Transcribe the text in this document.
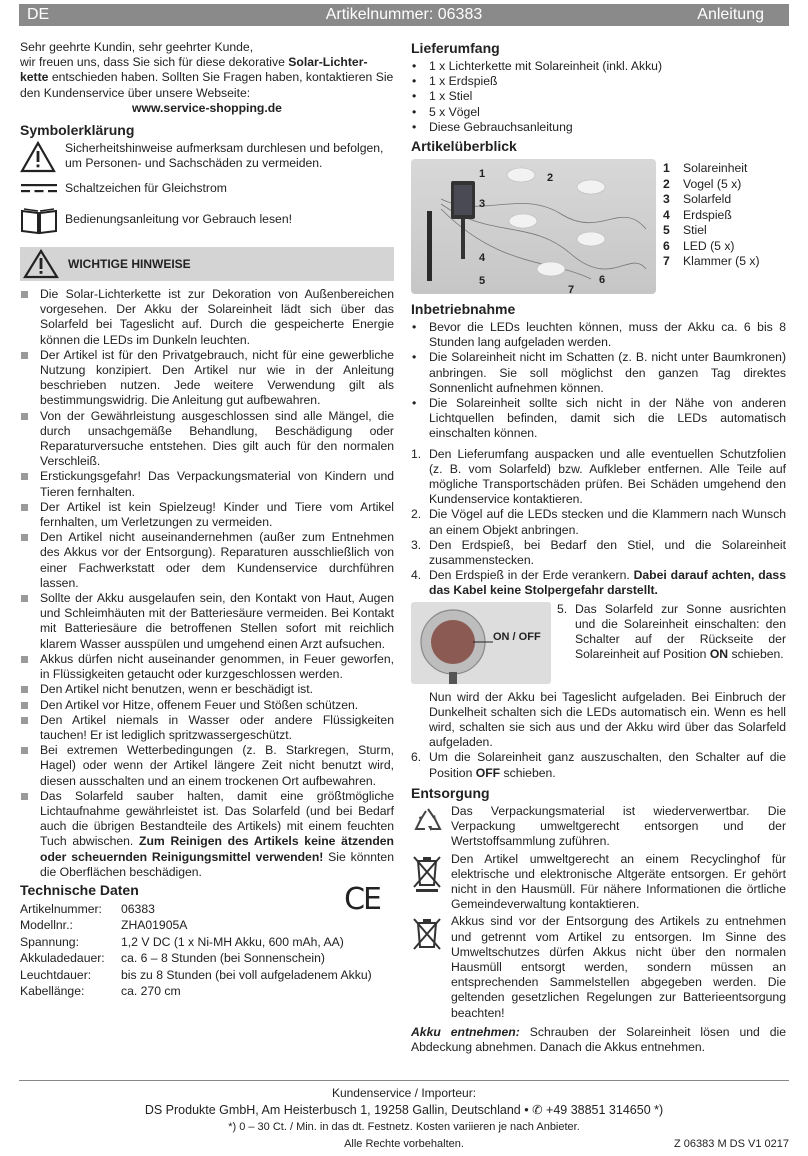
DE	Artikelnummer: 06383	Anleitung

Sehr geehrte Kundin, sehr geehrter Kunde,
wir freuen uns, dass Sie sich für diese dekorative Solar-Lichter-kette entschieden haben. Sollten Sie Fragen haben, kontaktieren Sie den Kundenservice über unsere Webseite:

www.service-shopping.de

Symbolerklärung
Sicherheitshinweise aufmerksam durchlesen und befolgen, um Personen- und Sachschäden zu vermeiden.
Schaltzeichen für Gleichstrom
Bedienungsanleitung vor Gebrauch lesen!
WICHTIGE HINWEISE
Die Solar-Lichterkette ist zur Dekoration von Außenbereichen vorgesehen. Der Akku der Solareinheit lädt sich über das Solarfeld bei Tageslicht auf. Durch die gespeicherte Energie können die LEDs im Dunkeln leuchten.
Der Artikel ist für den Privatgebrauch, nicht für eine gewerbliche Nutzung konzipiert. Den Artikel nur wie in der Anleitung beschrieben nutzen. Jede weitere Verwendung gilt als bestimmungswidrig. Die Anleitung gut aufbewahren.
Von der Gewährleistung ausgeschlossen sind alle Mängel, die durch unsachgemäße Behandlung, Beschädigung oder Reparaturversuche entstehen. Dies gilt auch für den normalen Verschleiß.
Erstickungsgefahr! Das Verpackungsmaterial von Kindern und Tieren fernhalten.
Der Artikel ist kein Spielzeug! Kinder und Tiere vom Artikel fernhalten, um Verletzungen zu vermeiden.
Den Artikel nicht auseinandernehmen (außer zum Entnehmen des Akkus vor der Entsorgung). Reparaturen ausschließlich von einer Fachwerkstatt oder dem Kundenservice durchführen lassen.
Sollte der Akku ausgelaufen sein, den Kontakt von Haut, Augen und Schleimhäuten mit der Batteriesäure vermeiden. Bei Kontakt mit Batteriesäure die betroffenen Stellen sofort mit reichlich klarem Wasser ausspülen und umgehend einen Arzt aufsuchen.
Akkus dürfen nicht auseinander genommen, in Feuer geworfen, in Flüssigkeiten getaucht oder kurzgeschlossen werden.
Den Artikel nicht benutzen, wenn er beschädigt ist.
Den Artikel vor Hitze, offenem Feuer und Stößen schützen.
Den Artikel niemals in Wasser oder andere Flüssigkeiten tauchen! Er ist lediglich spritzwassergeschützt.
Bei extremen Wetterbedingungen (z. B. Starkregen, Sturm, Hagel) oder wenn der Artikel längere Zeit nicht benutzt wird, diesen ausschalten und an einem trockenen Ort aufbewahren.
Das Solarfeld sauber halten, damit eine größtmögliche Lichtaufnahme gewährleistet ist. Das Solarfeld (und bei Bedarf auch die übrigen Bestandteile des Artikels) mit einem feuchten Tuch abwischen. Zum Reinigen des Artikels keine ätzenden oder scheuernden Reinigungsmittel verwenden! Sie könnten die Oberflächen beschädigen.
Technische Daten	CE
Artikelnummer:	06383
Modellnr.:	ZHA01905A
Spannung:	1,2 V DC (1 x Ni-MH Akku, 600 mAh, AA)
Akkuladedauer:	ca. 6 – 8 Stunden (bei Sonnenschein)
Leuchtdauer:	bis zu 8 Stunden (bei voll aufgeladenem Akku)
Kabellänge:	ca. 270 cm
Lieferumfang
• 1 x Lichterkette mit Solareinheit (inkl. Akku)
• 1 x Erdspieß
• 1 x Stiel
• 5 x Vögel
• Diese Gebrauchsanleitung
Artikelüberblick
1	2
3
4
5	6
7
1 Solareinheit
2 Vogel (5 x)
3 Solarfeld
4 Erdspieß
5 Stiel
6 LED (5 x)
7 Klammer (5 x)
Inbetriebnahme
• Bevor die LEDs leuchten können, muss der Akku ca. 6 bis 8 Stunden lang aufgeladen werden.
• Die Solareinheit nicht im Schatten (z. B. nicht unter Baumkronen) anbringen. Sie soll möglichst den ganzen Tag direktes Sonnenlicht aufnehmen können.
• Die Solareinheit sollte sich nicht in der Nähe von anderen Lichtquellen befinden, damit sich die LEDs automatisch einschalten können.
1. Den Lieferumfang auspacken und alle eventuellen Schutzfolien (z. B. vom Solarfeld) bzw. Aufkleber entfernen. Alle Teile auf mögliche Transportschäden prüfen. Bei Schäden umgehend den Kundenservice kontaktieren.
2. Die Vögel auf die LEDs stecken und die Klammern nach Wunsch an einem Objekt anbringen.
3. Den Erdspieß, bei Bedarf den Stiel, und die Solareinheit zusammenstecken.
4. Den Erdspieß in der Erde verankern. Dabei darauf achten, dass das Kabel keine Stolpergefahr darstellt.
ON / OFF
5. Das Solarfeld zur Sonne ausrichten und die Solareinheit einschalten: den Schalter auf der Rückseite der Solareinheit auf Position ON schieben.

Nun wird der Akku bei Tageslicht aufgeladen. Bei Einbruch der Dunkelheit schalten sich die LEDs automatisch ein. Wenn es hell wird, schalten sie sich aus und der Akku wird über das Solarfeld aufgeladen.

6. Um die Solareinheit ganz auszuschalten, den Schalter auf die Position OFF schieben.
Entsorgung

Das Verpackungsmaterial ist wiederverwertbar. Die Verpackung umweltgerecht entsorgen und der Wertstoffsammlung zuführen.

Den Artikel umweltgerecht an einem Recyclinghof für elektrische und elektronische Altgeräte entsorgen. Er gehört nicht in den Hausmüll. Für nähere Informationen die örtliche Gemeindeverwaltung kontaktieren.

Akkus sind vor der Entsorgung des Artikels zu entnehmen und getrennt vom Artikel zu entsorgen. Im Sinne des Umweltschutzes dürfen Akkus nicht über den normalen Hausmüll entsorgt werden, sondern müssen an entsprechenden Sammelstellen abgegeben werden. Die geltenden gesetzlichen Regelungen zur Batterieentsorgung beachten!

Akku entnehmen: Schrauben der Solareinheit lösen und die Abdeckung abnehmen. Danach die Akkus entnehmen.

Kundenservice / Importeur:
DS Produkte GmbH, Am Heisterbusch 1, 19258 Gallin, Deutschland • ✆ +49 38851 314650 *)
*) 0 – 30 Ct. / Min. in das dt. Festnetz. Kosten variieren je nach Anbieter.
Alle Rechte vorbehalten.	Z 06383 M DS V1 0217
